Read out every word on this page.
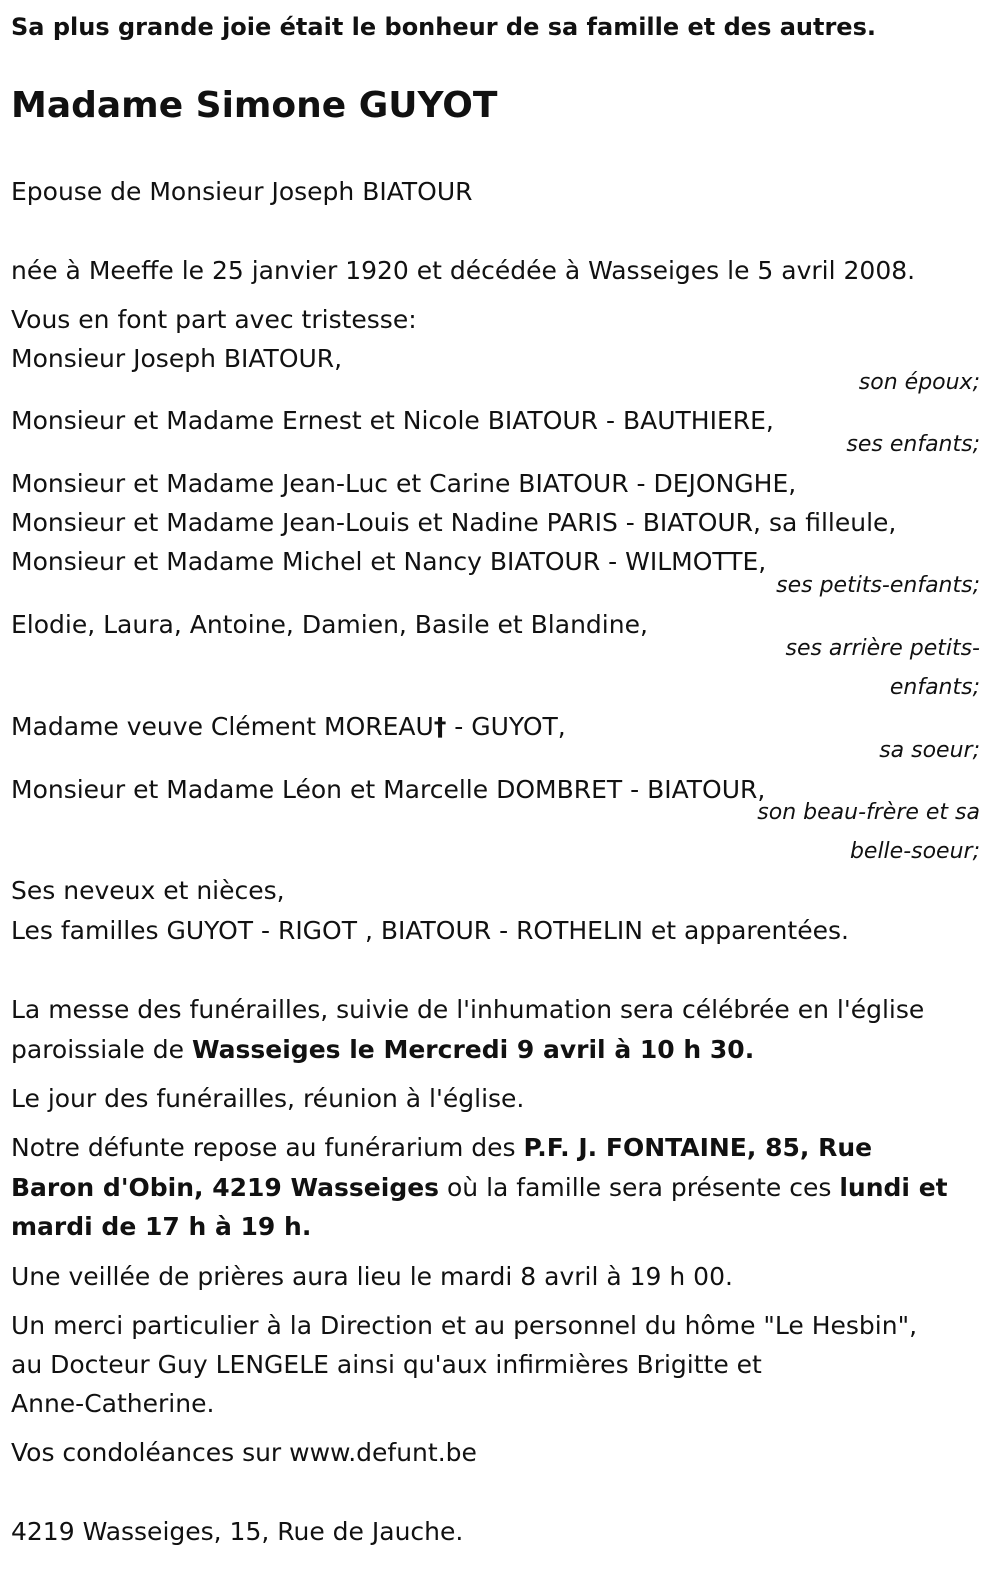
Sa plus grande joie était le bonheur de sa famille et des autres.
Madame Simone GUYOT
Epouse de Monsieur Joseph BIATOUR
née à Meeffe le 25 janvier 1920 et décédée à Wasseiges le 5 avril 2008.
Vous en font part avec tristesse:
Monsieur Joseph BIATOUR,
son époux;
Monsieur et Madame Ernest et Nicole BIATOUR - BAUTHIERE,
ses enfants;
Monsieur et Madame Jean-Luc et Carine BIATOUR - DEJONGHE,
Monsieur et Madame Jean-Louis et Nadine PARIS - BIATOUR, sa filleule,
Monsieur et Madame Michel et Nancy BIATOUR - WILMOTTE,
ses petits-enfants;
Elodie, Laura, Antoine, Damien, Basile et Blandine,
ses arrière petits-
enfants;
Madame veuve Clément MOREAU† - GUYOT,
sa soeur;
Monsieur et Madame Léon et Marcelle DOMBRET - BIATOUR,
son beau-frère et sa
belle-soeur;
Ses neveux et nièces,
Les familles GUYOT - RIGOT , BIATOUR - ROTHELIN et apparentées.
La messe des funérailles, suivie de l'inhumation sera célébrée en l'église
paroissiale de Wasseiges le Mercredi 9 avril à 10 h 30.
Le jour des funérailles, réunion à l'église.
Notre défunte repose au funérarium des P.F. J. FONTAINE, 85, Rue
Baron d'Obin, 4219 Wasseiges où la famille sera présente ces lundi et
mardi de 17 h à 19 h.
Une veillée de prières aura lieu le mardi 8 avril à 19 h 00.
Un merci particulier à la Direction et au personnel du hôme "Le Hesbin",
au Docteur Guy LENGELE ainsi qu'aux infirmières Brigitte et
Anne-Catherine.
Vos condoléances sur www.defunt.be
4219 Wasseiges, 15, Rue de Jauche.
